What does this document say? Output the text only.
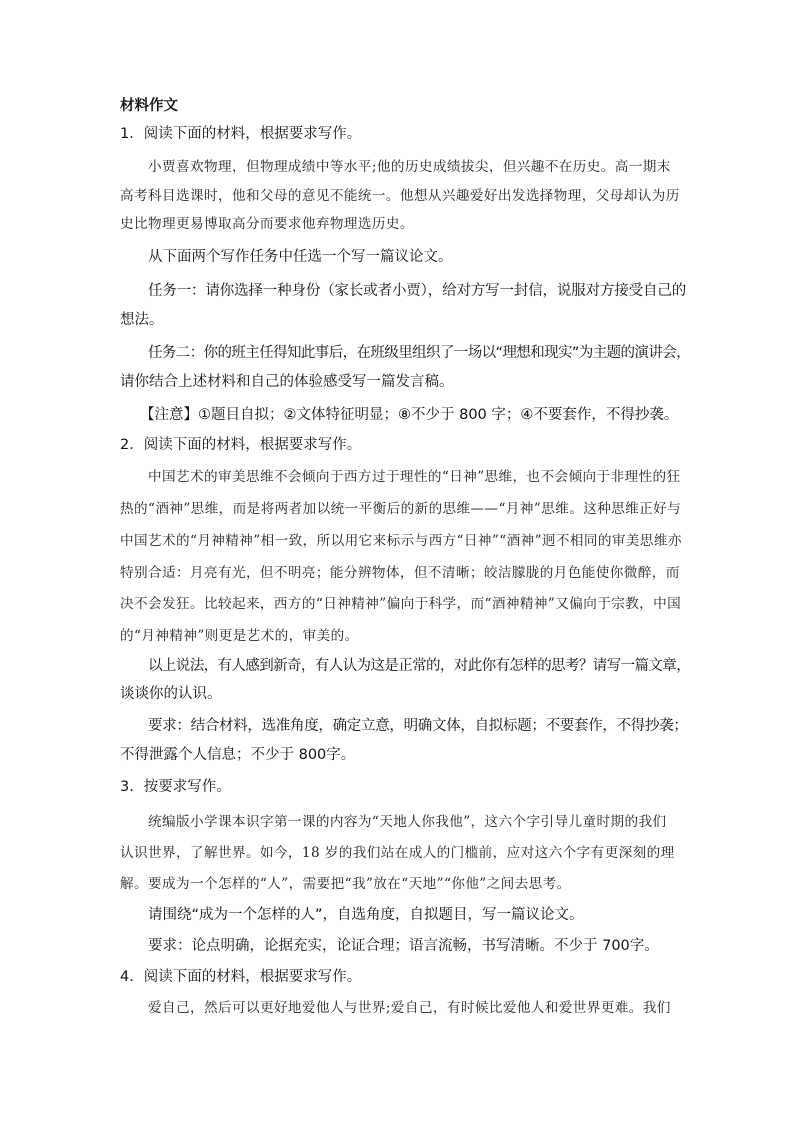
材料作文
1．阅读下面的材料，根据要求写作。
小贾喜欢物理，但物理成绩中等水平;他的历史成绩拔尖，但兴趣不在历史。高一期末
高考科目选课时，他和父母的意见不能统一。他想从兴趣爱好出发选择物理，父母却认为历
史比物理更易博取高分而要求他弃物理选历史。
从下面两个写作任务中任选一个写一篇议论文。
任务一：请你选择一种身份（家长或者小贾），给对方写一封信，说服对方接受自己的
想法。
任务二：你的班主任得知此事后，在班级里组织了一场以“理想和现实”为主题的演讲会，
请你结合上述材料和自己的体验感受写一篇发言稿。
【注意】①题目自拟；②文体特征明显；⑧不少于 800 字；④不要套作，不得抄袭。
2．阅读下面的材料，根据要求写作。
中国艺术的审美思维不会倾向于西方过于理性的“日神”思维，也不会倾向于非理性的狂
热的“酒神”思维，而是将两者加以统一平衡后的新的思维——“月神”思维。这种思维正好与
中国艺术的“月神精神”相一致，所以用它来标示与西方“日神”“酒神”迥不相同的审美思维亦
特别合适：月亮有光，但不明亮；能分辨物体，但不清晰；皎洁朦胧的月色能使你微醉，而
决不会发狂。比较起来，西方的“日神精神”偏向于科学，而“酒神精神”又偏向于宗教，中国
的“月神精神”则更是艺术的，审美的。
以上说法，有人感到新奇，有人认为这是正常的，对此你有怎样的思考？请写一篇文章，
谈谈你的认识。
要求：结合材料，选准角度，确定立意，明确文体，自拟标题；不要套作，不得抄袭；
不得泄露个人信息；不少于 800字。
3．按要求写作。
统编版小学课本识字第一课的内容为“天地人你我他”，这六个字引导儿童时期的我们
认识世界，了解世界。如今，18 岁的我们站在成人的门槛前，应对这六个字有更深刻的理
解。要成为一个怎样的“人”，需要把“我”放在“天地”“你他”之间去思考。
请围绕“成为一个怎样的人”，自选角度，自拟题目，写一篇议论文。
要求：论点明确，论据充实，论证合理；语言流畅，书写清晰。不少于 700字。
4．阅读下面的材料，根据要求写作。
爱自己，然后可以更好地爱他人与世界;爱自己，有时候比爱他人和爱世界更难。我们
